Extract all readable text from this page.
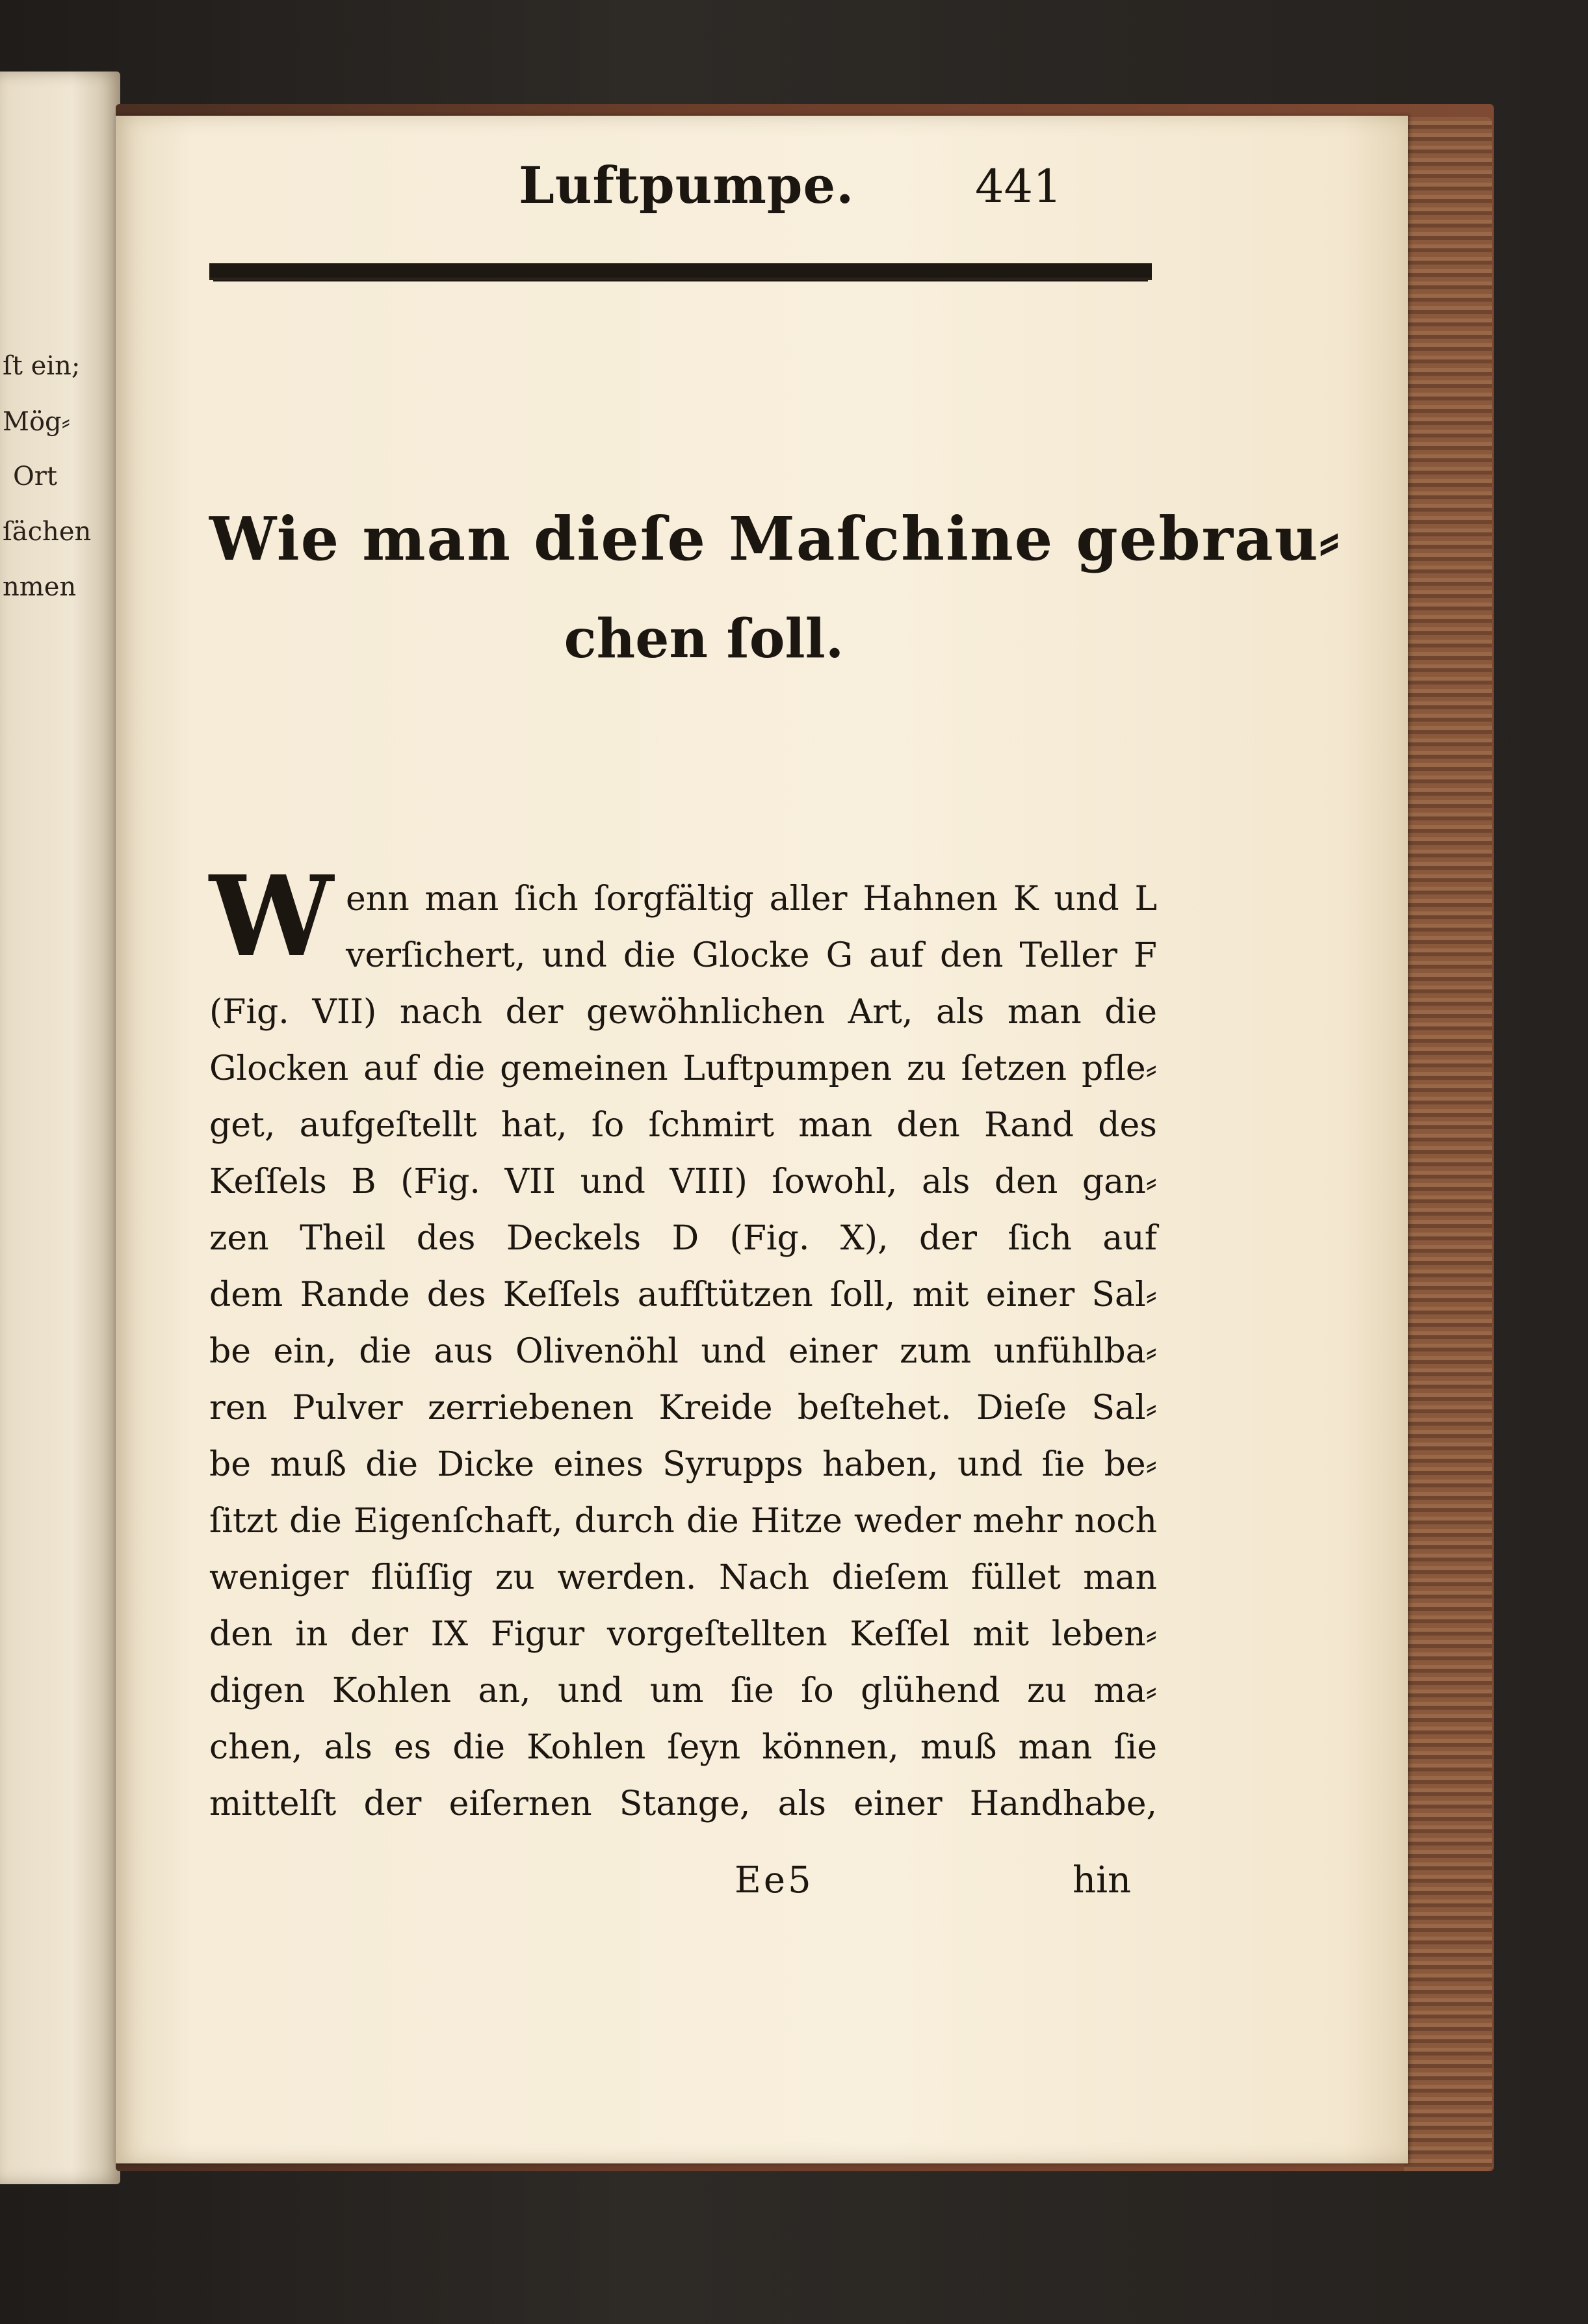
ſt ein;
Mög⸗
Ort
ſächen
nmen
Luftpumpe.	441
Wie man dieſe Maſchine gebrau⸗
chen ſoll.
W enn man ſich ſorgfältig aller Hahnen K und L
verſichert, und die Glocke G auf den Teller F
(Fig. VII) nach der gewöhnlichen Art, als man die
Glocken auf die gemeinen Luftpumpen zu ſetzen pfle⸗
get, aufgeſtellt hat, ſo ſchmirt man den Rand des
Keſſels B (Fig. VII und VIII) ſowohl, als den gan⸗
zen Theil des Deckels D (Fig. X), der ſich auf
dem Rande des Keſſels aufſtützen ſoll, mit einer Sal⸗
be ein, die aus Olivenöhl und einer zum unfühlba⸗
ren Pulver zerriebenen Kreide beſtehet. Dieſe Sal⸗
be muß die Dicke eines Syrupps haben, und ſie be⸗
ſitzt die Eigenſchaft, durch die Hitze weder mehr noch
weniger flüſſig zu werden. Nach dieſem füllet man
den in der IX Figur vorgeſtellten Keſſel mit leben⸗
digen Kohlen an, und um ſie ſo glühend zu ma⸗
chen, als es die Kohlen ſeyn können, muß man ſie
mittelſt der eiſernen Stange, als einer Handhabe,
Ee5	hin
